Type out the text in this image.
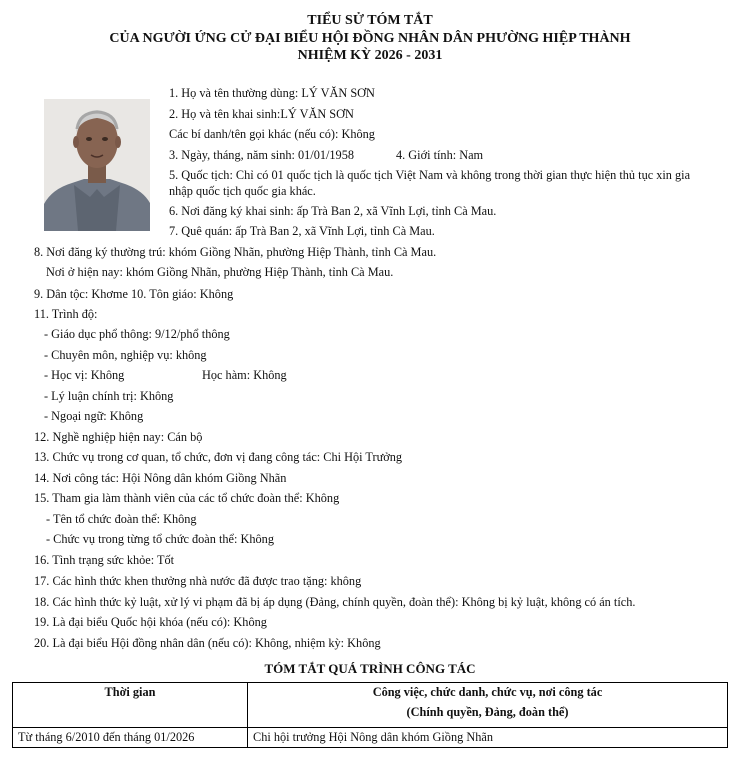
TIỂU SỬ TÓM TẮT
CỦA NGƯỜI ỨNG CỬ ĐẠI BIỂU HỘI ĐỒNG NHÂN DÂN PHƯỜNG HIỆP THÀNH
NHIỆM KỲ 2026 - 2031
1. Họ và tên thường dùng: LÝ VĂN SƠN
2. Họ và tên khai sinh:LÝ VĂN SƠN
Các bí danh/tên gọi khác (nếu có): Không
3. Ngày, tháng, năm sinh: 01/01/1958	4. Giới tính: Nam
5. Quốc tịch: Chỉ có 01 quốc tịch là quốc tịch Việt Nam và không trong thời gian thực hiện thủ tục xin gia nhập quốc tịch quốc gia khác.
6. Nơi đăng ký khai sinh: ấp Trà Ban 2, xã Vĩnh Lợi, tỉnh Cà Mau.
7. Quê quán: ấp Trà Ban 2, xã Vĩnh Lợi, tỉnh Cà Mau.
8. Nơi đăng ký thường trú: khóm Giồng Nhãn, phường Hiệp Thành, tỉnh Cà Mau.
Nơi ở hiện nay: khóm Giồng Nhãn, phường Hiệp Thành, tỉnh Cà Mau.
9. Dân tộc: Khơme 10. Tôn giáo: Không
11. Trình độ:
- Giáo dục phổ thông: 9/12/phổ thông
- Chuyên môn, nghiệp vụ: không
- Học vị: Không	Học hàm: Không
- Lý luận chính trị: Không
- Ngoại ngữ: Không
12. Nghề nghiệp hiện nay: Cán bộ
13. Chức vụ trong cơ quan, tổ chức, đơn vị đang công tác: Chi Hội Trưởng
14. Nơi công tác: Hội Nông dân khóm Giồng Nhãn
15. Tham gia làm thành viên của các tổ chức đoàn thể: Không
- Tên tổ chức đoàn thể: Không
- Chức vụ trong từng tổ chức đoàn thể: Không
16. Tình trạng sức khỏe: Tốt
17. Các hình thức khen thưởng nhà nước đã được trao tặng: không
18. Các hình thức kỷ luật, xử lý vi phạm đã bị áp dụng (Đảng, chính quyền, đoàn thể): Không bị kỷ luật, không có án tích.
19. Là đại biểu Quốc hội khóa (nếu có): Không
20. Là đại biểu Hội đồng nhân dân (nếu có): Không, nhiệm kỳ: Không
TÓM TẮT QUÁ TRÌNH CÔNG TÁC
Thời gian	Công việc, chức danh, chức vụ, nơi công tác
(Chính quyền, Đảng, đoàn thể)

Từ tháng 6/2010 đến tháng 01/2026	Chi hội trưởng Hội Nông dân khóm Giồng Nhãn
